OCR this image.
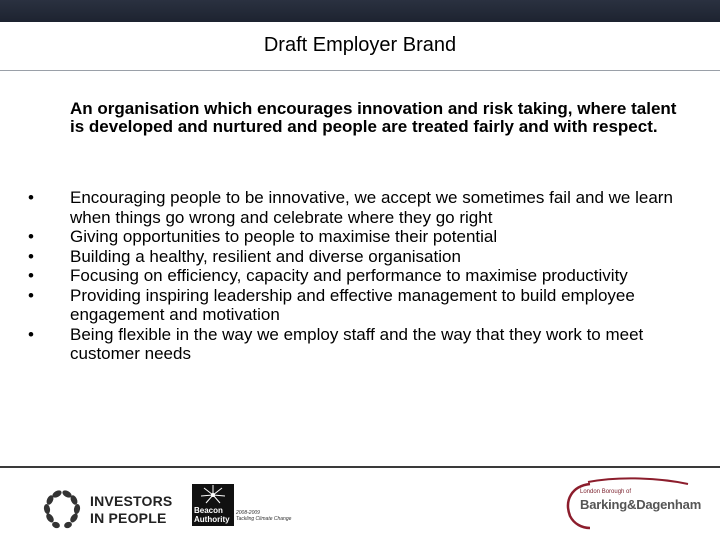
Draft Employer Brand
An organisation which encourages innovation and risk taking, where talent is developed and nurtured and people are treated fairly and with respect.
•	Encouraging people to be innovative, we accept we sometimes fail and we learn when things go wrong and celebrate where they go right
•	Giving opportunities to people to maximise their potential
•	Building a healthy, resilient and diverse organisation
•	Focusing on efficiency, capacity and performance to maximise productivity
•	Providing inspiring leadership and effective management to build employee engagement and motivation
•	Being flexible in the way we employ staff and the way that they work to meet customer needs
INVESTORS
IN PEOPLE	Beacon
Authority
2008-2009
Tackling Climate Change
London Borough of
Barking&Dagenham
